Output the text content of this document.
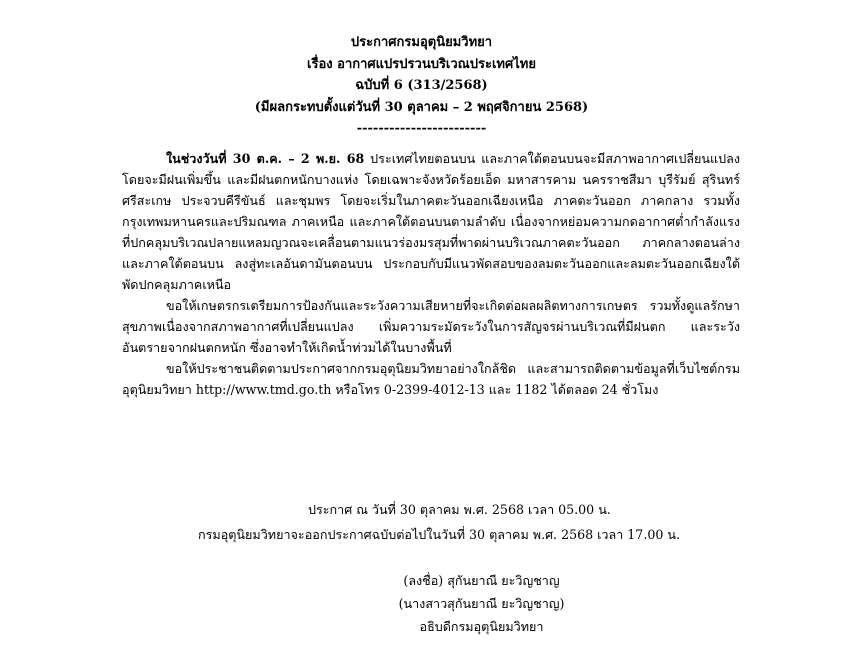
ประกาศกรมอุตุนิยมวิทยา
เรื่อง อากาศแปรปรวนบริเวณประเทศไทย
ฉบับที่ 6 (313/2568)
(มีผลกระทบตั้งแต่วันที่ 30 ตุลาคม – 2 พฤศจิกายน 2568)
------------------------

ในช่วงวันที่ 30 ต.ค. – 2 พ.ย. 68 ประเทศไทยตอนบน และภาคใต้ตอนบนจะมีสภาพอากาศเปลี่ยนแปลง โดยจะมีฝนเพิ่มขึ้น และมีฝนตกหนักบางแห่ง โดยเฉพาะจังหวัดร้อยเอ็ด มหาสารคาม นครราชสีมา บุรีรัมย์ สุรินทร์ ศรีสะเกษ ประจวบคีรีขันธ์ และชุมพร โดยจะเริ่มในภาคตะวันออกเฉียงเหนือ ภาคตะวันออก ภาคกลาง รวมทั้งกรุงเทพมหานครและปริมณฑล ภาคเหนือ และภาคใต้ตอนบนตามลำดับ เนื่องจากหย่อมความกดอากาศต่ำกำลังแรงที่ปกคลุมบริเวณปลายแหลมญวณจะเคลื่อนตามแนวร่องมรสุมที่พาดผ่านบริเวณภาคตะวันออก ภาคกลางตอนล่าง และภาคใต้ตอนบน ลงสู่ทะเลอันดามันตอนบน ประกอบกับมีแนวพัดสอบของลมตะวันออกและลมตะวันออกเฉียงใต้พัดปกคลุมภาคเหนือ

ขอให้เกษตรกรเตรียมการป้องกันและระวังความเสียหายที่จะเกิดต่อผลผลิตทางการเกษตร รวมทั้งดูแลรักษาสุขภาพเนื่องจากสภาพอากาศที่เปลี่ยนแปลง เพิ่มความระมัดระวังในการสัญจรผ่านบริเวณที่มีฝนตก และระวังอันตรายจากฝนตกหนัก ซึ่งอาจทำให้เกิดน้ำท่วมได้ในบางพื้นที่

ขอให้ประชาชนติดตามประกาศจากกรมอุตุนิยมวิทยาอย่างใกล้ชิด และสามารถติดตามข้อมูลที่เว็บไซต์กรมอุตุนิยมวิทยา http://www.tmd.go.th หรือโทร 0-2399-4012-13 และ 1182 ได้ตลอด 24 ชั่วโมง

ประกาศ ณ วันที่ 30 ตุลาคม พ.ศ. 2568 เวลา 05.00 น.
กรมอุตุนิยมวิทยาจะออกประกาศฉบับต่อไปในวันที่ 30 ตุลาคม พ.ศ. 2568 เวลา 17.00 น.
(ลงชื่อ) สุกันยาณี ยะวิญชาญ
(นางสาวสุกันยาณี ยะวิญชาญ)
อธิบดีกรมอุตุนิยมวิทยา
